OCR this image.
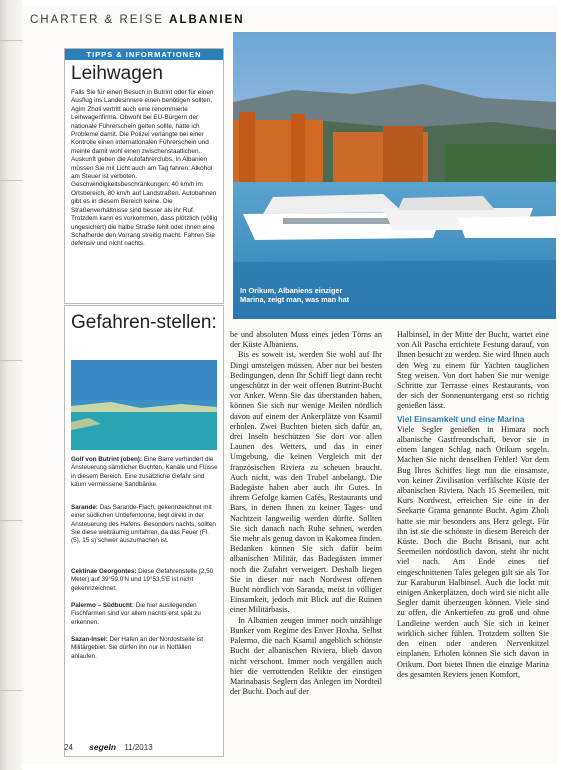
CHARTER & REISE ALBANIEN
In Orikum, Albaniens einziger Marina, zeigt man, was man hat
TIPPS & INFORMATIONEN
Leihwagen
Falls Sie für einen Besuch in Butrint oder für einen Ausflug ins Landesinnere einen benötigen sollten, Agim Zholi vertritt auch eine renommierte Leihwagenfirma. Obwohl bei EU-Bürgern der nationale Führerschein gelten sollte, hatte ich Probleme damit. Die Polizei verlangte bei einer Kontrolle einen internationalen Führerschein und meinte damit wohl einen zwischenstaatlichen. Auskunft geben die Autofahrerclubs. In Albanien müssen Sie mit Licht auch am Tag fahren; Alkohol am Steuer ist verboten. Geschwindigkeitsbeschränkungen: 40 km/h im Ortsbereich, 80 km/h auf Landstraßen. Autobahnen gibt es in diesem Bereich keine. Die Straßenverhältnisse sind besser als ihr Ruf. Trotzdem kann es vorkommen, dass plötzlich (völlig ungesichert) die halbe Straße fehlt oder ihnen eine Schafherde den Vorrang streitig macht. Fahren Sie defensiv und nicht nachts.
Gefahren-stellen:
Golf von Butrint (oben): Eine Barre verhindert die Ansteuerung sämtlicher Buchten, Kanäle und Flüsse in diesem Bereich. Eine zusätzliche Gefahr sind kaum vermessene Sandbänke.
Sarande: Das Sarande-Flach, gekennzeichnet mit einer südlichen Untiefentonne, liegt direkt in der Ansteuerung des Hafens. Besonders nachts, sollten Sie diese weiträumig umfahren, da das Feuer (Fl. (5), 15 s) schwer auszumachen ist.
Cektinae Georgontes: Diese Gefahrenstelle (2,50 Meter) auf 39°59,0'N und 19°53,5'E ist nicht gekennzeichnet.
Palermo – Südbucht: Die hier ausliegenden Fischfarmen sind vor allem nachts erst spät zu erkennen.
Sazan-Insel: Der Hafen an der Nordostseite ist Militärgebiet. Sie dürfen ihn nur in Notfällen anlaufen.

be und absoluten Muss eines jeden Törns an der Küste Albaniens.

Bis es soweit ist, werden Sie wohl auf Ihr Dingi umsteigen müssen. Aber nur bei besten Bedingungen, denn Ihr Schiff liegt dann recht ungeschützt in der weit offenen Butrint-Bucht vor Anker. Wenn Sie das überstanden haben, können Sie sich nur wenige Meilen nördlich davon auf einem der Ankerplätze von Ksamil erholen. Zwei Buchten bieten sich dafür an, drei Inseln beschützen Sie dort vor allen Launen des Wetters, und das in einer Umgebung, die keinen Vergleich mit der französischen Riviera zu scheuen braucht. Auch nicht, was den Trubel anbelangt. Die Badegäste haben aber auch ihr Gutes. In ihrem Gefolge kamen Cafés, Restaurants und Bars, in denen Ihnen zu keiner Tages- und Nachtzeit langweilig werden dürfte. Sollten Sie sich danach nach Ruhe sehnen, werden Sie mehr als genug davon in Kakomea finden. Bedanken können Sie sich dafür beim albanischen Militär, das Badegästen immer noch die Zufahrt verweigert. Deshalb liegen Sie in dieser nur nach Nordwest offenen Bucht nördlich von Saranda, meist in völliger Einsamkeit, jedoch mit Blick auf die Ruinen einer Militärbasis.

In Albanien zeugen immer noch unzählige Bunker vom Regime des Enver Hoxha. Selbst Palermo, die nach Ksamil angeblich schönste Bucht der albanischen Riviera, blieb davon nicht verschont. Immer noch vergällen auch hier die verrottenden Relikte der einstigen Marinabasis Seglern das Anlegen im Nordteil der Bucht. Doch auf der

Halbinsel, in der Mitte der Bucht, wartet eine von Ali Pascha errichtete Festung darauf, von Ihnen besucht zu werden. Sie wird Ihnen auch den Weg zu einem für Yachten tauglichen Steg weisen. Von dort haben Sie nur wenige Schritte zur Terrasse eines Restaurants, von der sich der Sonnenuntergang erst so richtig genießen lässt.

Viel Einsamkeit und eine Marina

Viele Segler genießen in Himara noch albanische Gastfreundschaft, bevor sie in einem langen Schlag nach Orikum segeln. Machen Sie nicht denselben Fehler! Vor dem Bug Ihres Schiffes liegt nun die einsamste, von keiner Zivilisation verfälschte Küste der albanischen Riviera. Nach 15 Seemeilen, mit Kurs Nordwest, erreichen Sie eine in der Seekarte Grama genannte Bucht. Agim Zholi hatte sie mir besonders ans Herz gelegt. Für ihn ist sie die schönste in diesem Bereich der Küste. Doch die Bucht Brisani, nur acht Seemeilen nordöstlich davon, steht ihr nicht viel nach. Am Ende eines tief eingeschnittenen Tales gelegen gilt sie als Tor zur Karaburun Halbinsel. Auch die lockt mit einigen Ankerplätzen, doch wird sie nicht alle Segler damit überzeugen können. Viele sind zu offen, die Ankertiefen zu groß und ohne Landleine werden auch Sie sich in keiner wirklich sicher fühlen. Trotzdem sollten Sie den einen oder anderen Nervenkitzel einplanen. Erholen können Sie sich davon in Orikum. Dort bietet Ihnen die einzige Marina des gesamten Reviers jenen Komfort,

24 segeln 11/2013
